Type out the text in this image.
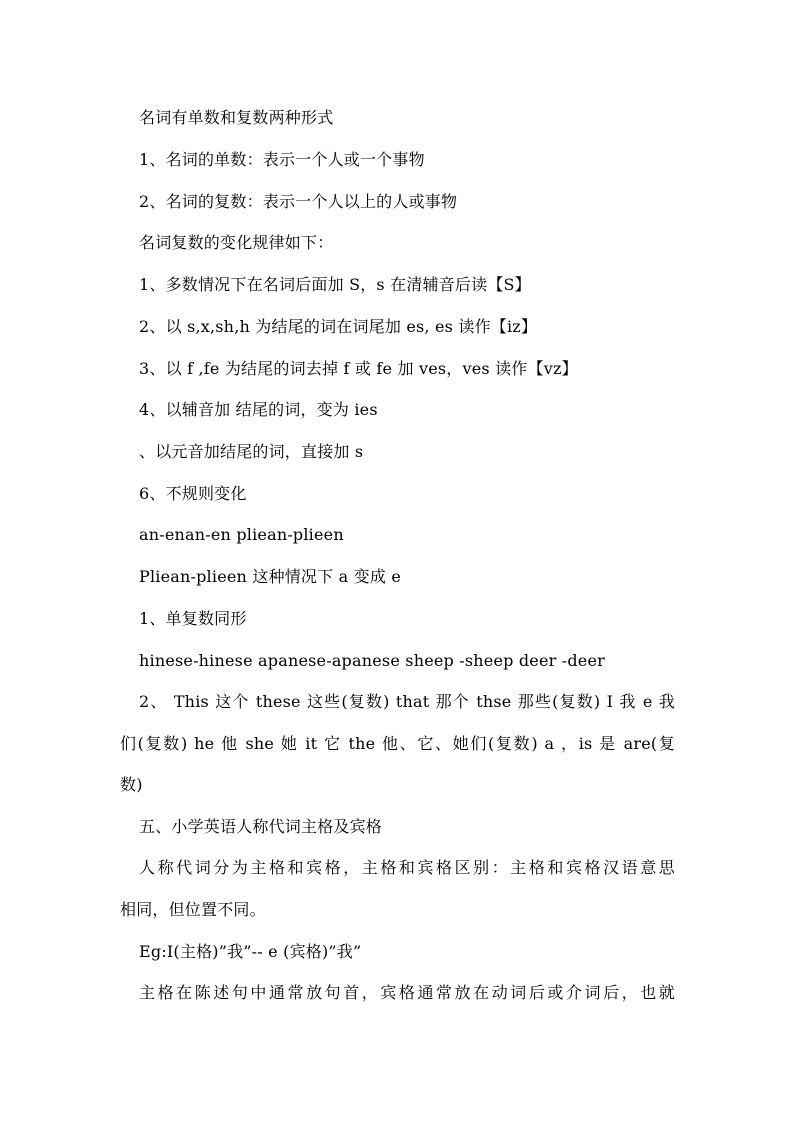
名词有单数和复数两种形式
1、名词的单数：表示一个人或一个事物
2、名词的复数：表示一个人以上的人或事物
名词复数的变化规律如下：
1、多数情况下在名词后面加 S，s 在清辅音后读【S】
2、以 s,x,sh,h 为结尾的词在词尾加 es, es 读作【iz】
3、以 f ,fe 为结尾的词去掉 f 或 fe 加 ves，ves 读作【vz】
4、以辅音加 结尾的词，变为 ies
、以元音加结尾的词，直接加 s
6、不规则变化
an-enan-en pliean-plieen
Pliean-plieen 这种情况下 a 变成 e
1、单复数同形
hinese-hinese apanese-apanese sheep -sheep deer -deer
2、 This 这个 these 这些(复数) that 那个 thse 那些(复数) I 我 e 我
们(复数) he 他 she 她 it 它 the 他、它、她们(复数) a ，is 是 are(复
数)
五、小学英语人称代词主格及宾格
人称代词分为主格和宾格，主格和宾格区别：主格和宾格汉语意思
相同，但位置不同。
Eg:I(主格)”我”-- e (宾格)”我”
主格在陈述句中通常放句首，宾格通常放在动词后或介词后，也就
